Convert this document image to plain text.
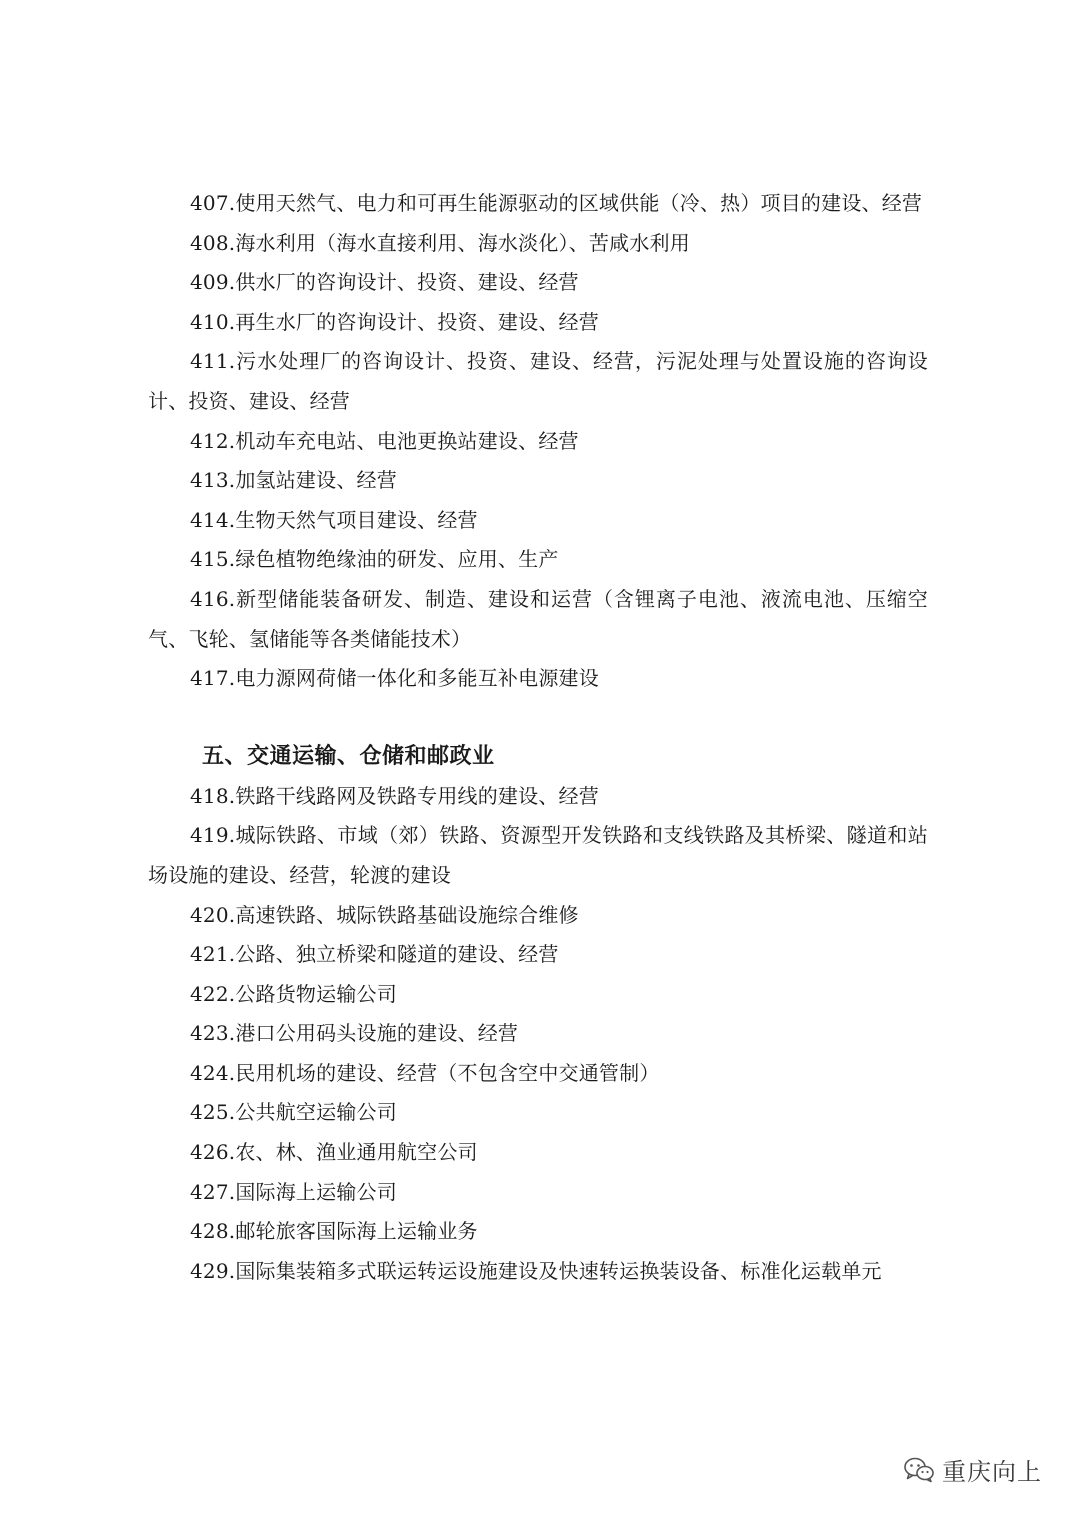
407.使用天然气、电力和可再生能源驱动的区域供能（冷、热）项目的建设、经营

408.海水利用（海水直接利用、海水淡化）、苦咸水利用

409.供水厂的咨询设计、投资、建设、经营

410.再生水厂的咨询设计、投资、建设、经营

411.污水处理厂的咨询设计、投资、建设、经营，污泥处理与处置设施的咨询设计、投资、建设、经营

412.机动车充电站、电池更换站建设、经营

413.加氢站建设、经营

414.生物天然气项目建设、经营

415.绿色植物绝缘油的研发、应用、生产

416.新型储能装备研发、制造、建设和运营（含锂离子电池、液流电池、压缩空气、飞轮、氢储能等各类储能技术）

417.电力源网荷储一体化和多能互补电源建设

五、交通运输、仓储和邮政业

418.铁路干线路网及铁路专用线的建设、经营

419.城际铁路、市域（郊）铁路、资源型开发铁路和支线铁路及其桥梁、隧道和站场设施的建设、经营，轮渡的建设

420.高速铁路、城际铁路基础设施综合维修

421.公路、独立桥梁和隧道的建设、经营

422.公路货物运输公司

423.港口公用码头设施的建设、经营

424.民用机场的建设、经营（不包含空中交通管制）

425.公共航空运输公司

426.农、林、渔业通用航空公司

427.国际海上运输公司

428.邮轮旅客国际海上运输业务

429.国际集装箱多式联运转运设施建设及快速转运换装设备、标准化运载单元

重庆向上
